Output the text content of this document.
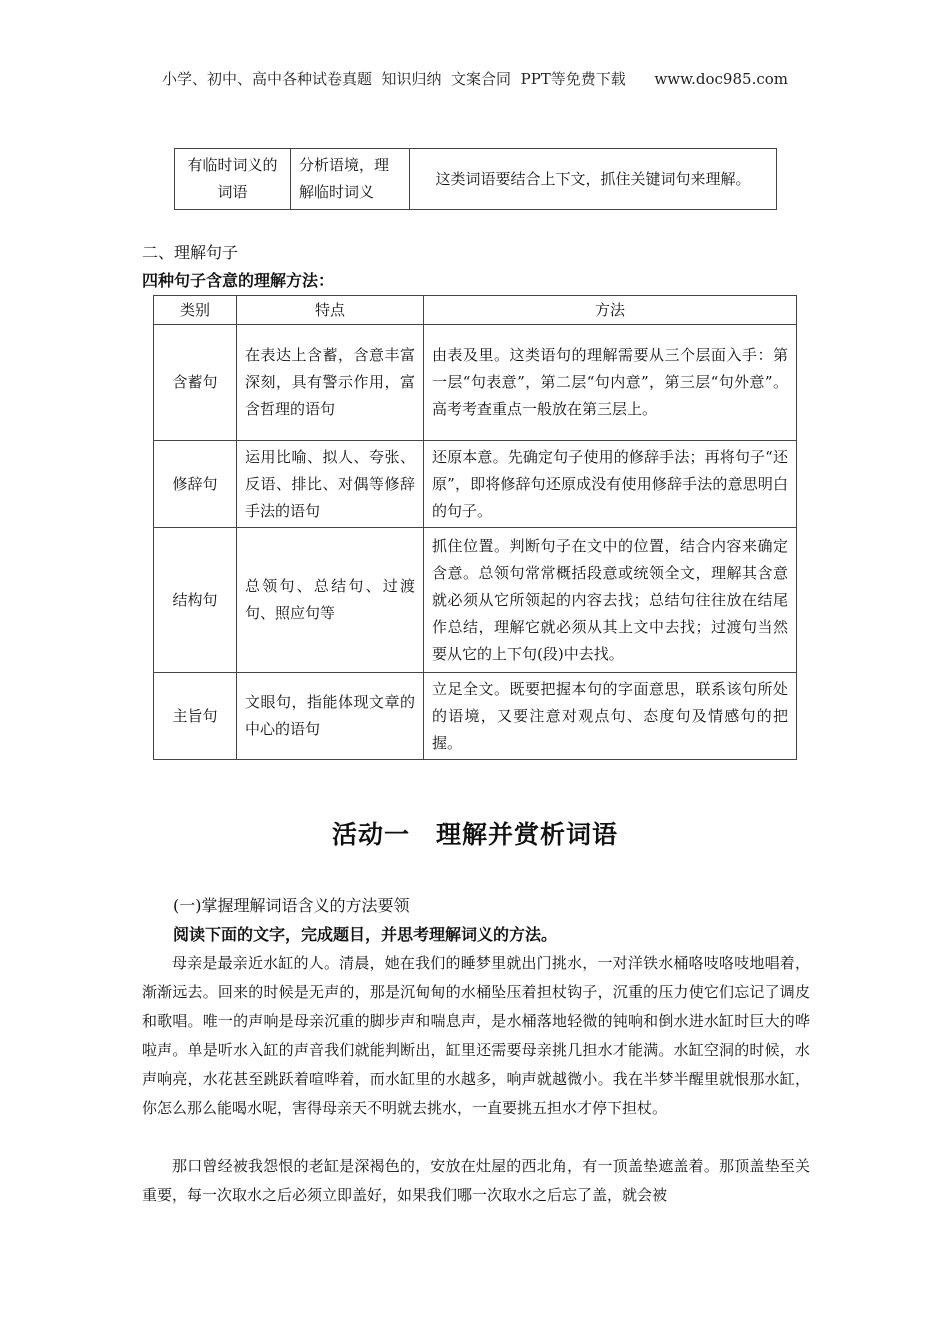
小学、初中、高中各种试卷真题  知识归纳  文案合同  PPT等免费下载      www.doc985.com
有临时词义的词语	分析语境，理解临时词义	这类词语要结合上下文，抓住关键词句来理解。
二、理解句子
四种句子含意的理解方法：
类别	特点	方法
含蓄句	在表达上含蓄，含意丰富深刻，具有警示作用，富含哲理的语句	由表及里。这类语句的理解需要从三个层面入手：第一层“句表意”，第二层“句内意”，第三层“句外意”。高考考查重点一般放在第三层上。
修辞句	运用比喻、拟人、夸张、反语、排比、对偶等修辞手法的语句	还原本意。先确定句子使用的修辞手法；再将句子“还原”，即将修辞句还原成没有使用修辞手法的意思明白的句子。
结构句	总领句、总结句、过渡句、照应句等	抓住位置。判断句子在文中的位置，结合内容来确定含意。总领句常常概括段意或统领全文，理解其含意就必须从它所领起的内容去找；总结句往往放在结尾作总结，理解它就必须从其上文中去找；过渡句当然要从它的上下句(段)中去找。
主旨句	文眼句，指能体现文章的中心的语句	立足全文。既要把握本句的字面意思，联系该句所处的语境，又要注意对观点句、态度句及情感句的把握。
活动一　理解并赏析词语
(一)掌握理解词语含义的方法要领
阅读下面的文字，完成题目，并思考理解词义的方法。
母亲是最亲近水缸的人。清晨，她在我们的睡梦里就出门挑水，一对洋铁水桶咯吱咯吱地唱着，渐渐远去。回来的时候是无声的，那是沉甸甸的水桶坠压着担杖钩子，沉重的压力使它们忘记了调皮和歌唱。唯一的声响是母亲沉重的脚步声和喘息声，是水桶落地轻微的钝响和倒水进水缸时巨大的哗啦声。单是听水入缸的声音我们就能判断出，缸里还需要母亲挑几担水才能满。水缸空洞的时候，水声响亮，水花甚至跳跃着喧哗着，而水缸里的水越多，响声就越微小。我在半梦半醒里就恨那水缸，你怎么那么能喝水呢，害得母亲天不明就去挑水，一直要挑五担水才停下担杖。
那口曾经被我怨恨的老缸是深褐色的，安放在灶屋的西北角，有一顶盖垫遮盖着。那顶盖垫至关重要，每一次取水之后必须立即盖好，如果我们哪一次取水之后忘了盖，就会被
